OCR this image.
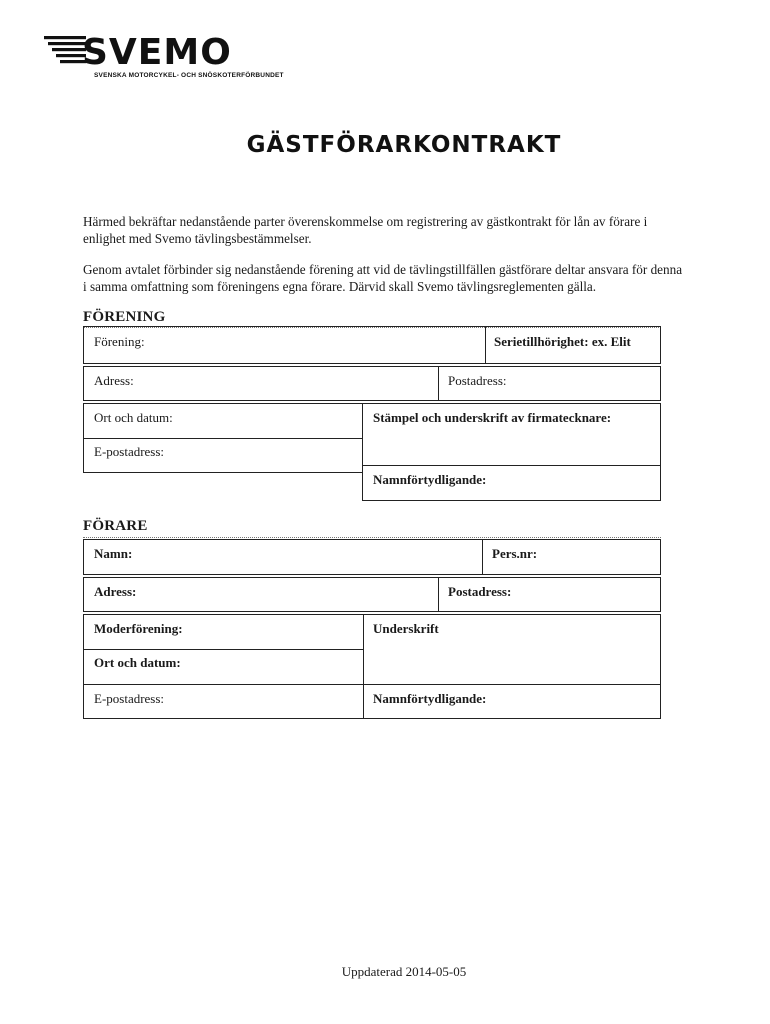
SVEMO
SVENSKA MOTORCYKEL- OCH SNÖSKOTERFÖRBUNDET
GÄSTFÖRARKONTRAKT

Härmed bekräftar nedanstående parter överenskommelse om registrering av gästkontrakt för lån av förare i enlighet med Svemo tävlingsbestämmelser.

Genom avtalet förbinder sig nedanstående förening att vid de tävlingstillfällen gästförare deltar ansvara för denna i samma omfattning som föreningens egna förare. Därvid skall Svemo tävlingsreglementen gälla.

FÖRENING
Förening:	Serietillhörighet: ex. Elit
Adress:	Postadress:
Ort och datum:
E-postadress:
Stämpel och underskrift av firmatecknare:
Namnförtydligande:
FÖRARE
Namn:	Pers.nr:
Adress:	Postadress:
Moderförening:	Underskrift
Ort och datum:
E-postadress:	Namnförtydligande:
Uppdaterad 2014-05-05
